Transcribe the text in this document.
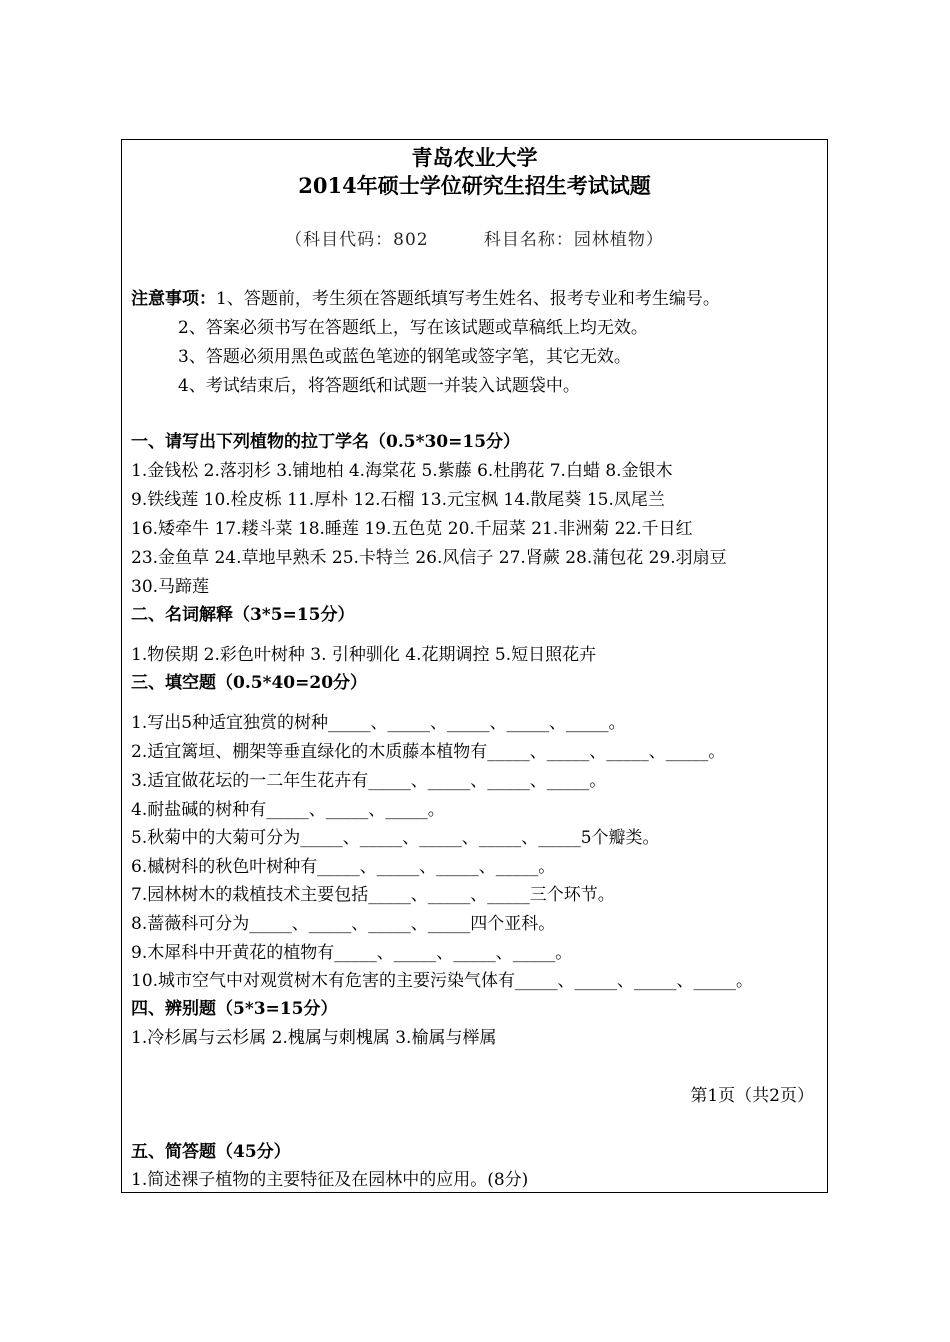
青岛农业大学
2014年硕士学位研究生招生考试试题
（科目代码：802	科目名称：园林植物）
注意事项：1、答题前，考生须在答题纸填写考生姓名、报考专业和考生编号。
2、答案必须书写在答题纸上，写在该试题或草稿纸上均无效。
3、答题必须用黑色或蓝色笔迹的钢笔或签字笔，其它无效。
4、考试结束后，将答题纸和试题一并装入试题袋中。
一、请写出下列植物的拉丁学名（0.5*30=15分）
1.金钱松 2.落羽杉 3.铺地柏 4.海棠花 5.紫藤 6.杜鹃花 7.白蜡 8.金银木
9.铁线莲 10.栓皮栎 11.厚朴 12.石榴 13.元宝枫 14.散尾葵 15.凤尾兰
16.矮牵牛 17.耧斗菜 18.睡莲 19.五色苋 20.千屈菜 21.非洲菊 22.千日红
23.金鱼草 24.草地早熟禾 25.卡特兰 26.风信子 27.肾蕨 28.蒲包花 29.羽扇豆
30.马蹄莲
二、名词解释（3*5=15分）
1.物侯期 2.彩色叶树种 3. 引种驯化 4.花期调控 5.短日照花卉
三、填空题（0.5*40=20分）
1.写出5种适宜独赏的树种_____、_____、_____、_____、_____。
2.适宜篱垣、棚架等垂直绿化的木质藤本植物有_____、_____、_____、_____。
3.适宜做花坛的一二年生花卉有_____、_____、_____、_____。
4.耐盐碱的树种有_____、_____、_____。
5.秋菊中的大菊可分为_____、_____、_____、_____、_____5个瓣类。
6.槭树科的秋色叶树种有_____、_____、_____、_____。
7.园林树木的栽植技术主要包括_____、_____、_____三个环节。
8.蔷薇科可分为_____、_____、_____、_____四个亚科。
9.木犀科中开黄花的植物有_____、_____、_____、_____。
10.城市空气中对观赏树木有危害的主要污染气体有_____、_____、_____、_____。
四、辨别题（5*3=15分）
1.冷杉属与云杉属 2.槐属与刺槐属 3.榆属与榉属
第1页（共2页）
五、简答题（45分）
1.简述裸子植物的主要特征及在园林中的应用。(8分)
